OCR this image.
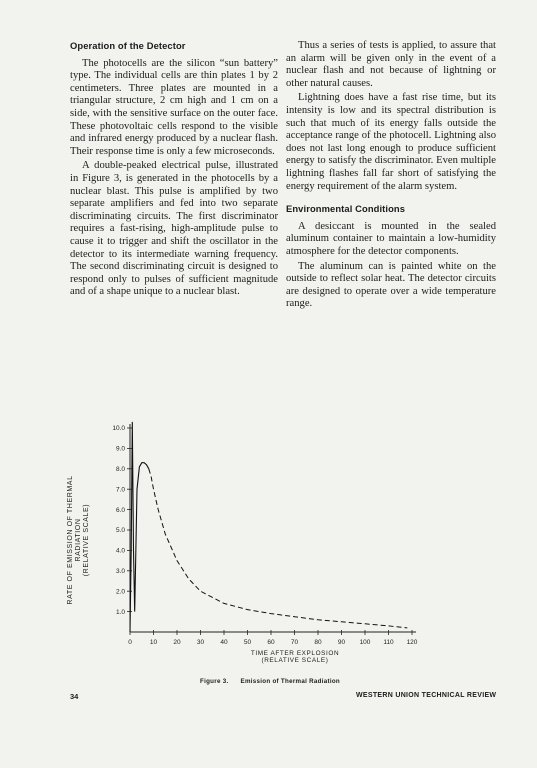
Operation of the Detector

The photocells are the silicon “sun battery” type. The individual cells are thin plates 1 by 2 centimeters. Three plates are mounted in a triangular structure, 2 cm high and 1 cm on a side, with the sensitive surface on the outer face. These photovoltaic cells respond to the visible and infrared energy produced by a nuclear flash. Their response time is only a few microseconds.

A double-peaked electrical pulse, illustrated in Figure 3, is generated in the photocells by a nuclear blast. This pulse is amplified by two separate amplifiers and fed into two separate discriminating circuits. The first discriminator requires a fast-rising, high-amplitude pulse to cause it to trigger and shift the oscillator in the detector to its intermediate warning frequency. The second discriminating circuit is designed to respond only to pulses of sufficient magnitude and of a shape unique to a nuclear blast.

Thus a series of tests is applied, to assure that an alarm will be given only in the event of a nuclear flash and not because of lightning or other natural causes.

Lightning does have a fast rise time, but its intensity is low and its spectral distribution is such that much of its energy falls outside the acceptance range of the photocell. Lightning also does not last long enough to produce sufficient energy to satisfy the discriminator. Even multiple lightning flashes fall far short of satisfying the energy requirement of the alarm system.

Environmental Conditions

A desiccant is mounted in the sealed aluminum container to maintain a low-humidity atmosphere for the detector components.

The aluminum can is painted white on the outside to reflect solar heat. The detector circuits are designed to operate over a wide temperature range.

1.0
2.0
3.0
4.0
5.0
6.0
7.0
8.0
9.0
10.0
0	10	20	30	40	50	60	70	80	90 100 110 120
RATE OF EMISSION OF THERMAL RADIATION (RELATIVE SCALE)
TIME AFTER EXPLOSION
(RELATIVE SCALE)
Figure 3. Emission of Thermal Radiation
34	WESTERN UNION TECHNICAL REVIEW
